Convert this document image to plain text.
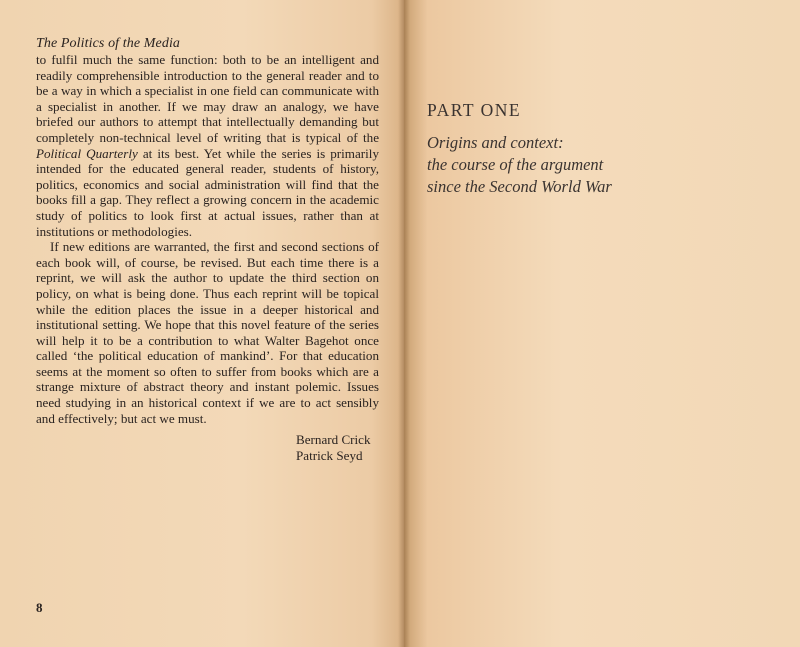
The Politics of the Media

to fulfil much the same function: both to be an intelligent and readily comprehensible introduction to the general reader and to be a way in which a specialist in one field can communicate with a specialist in another. If we may draw an analogy, we have briefed our authors to attempt that intellectually demanding but completely non-technical level of writing that is typical of the Political Quarterly at its best. Yet while the series is primarily intended for the educated general reader, students of history, politics, economics and social administration will find that the books fill a gap. They reflect a growing concern in the academic study of politics to look first at actual issues, rather than at institutions or methodologies.

If new editions are warranted, the first and second sections of each book will, of course, be revised. But each time there is a reprint, we will ask the author to update the third section on policy, on what is being done. Thus each reprint will be topical while the edition places the issue in a deeper historical and institutional setting. We hope that this novel feature of the series will help it to be a contribution to what Walter Bagehot once called ‘the political education of mankind’. For that education seems at the moment so often to suffer from books which are a strange mixture of abstract theory and instant polemic. Issues need studying in an historical context if we are to act sensibly and effectively; but act we must.

Bernard Crick
Patrick Seyd
8
PART ONE
Origins and context:
the course of the argument
since the Second World War
